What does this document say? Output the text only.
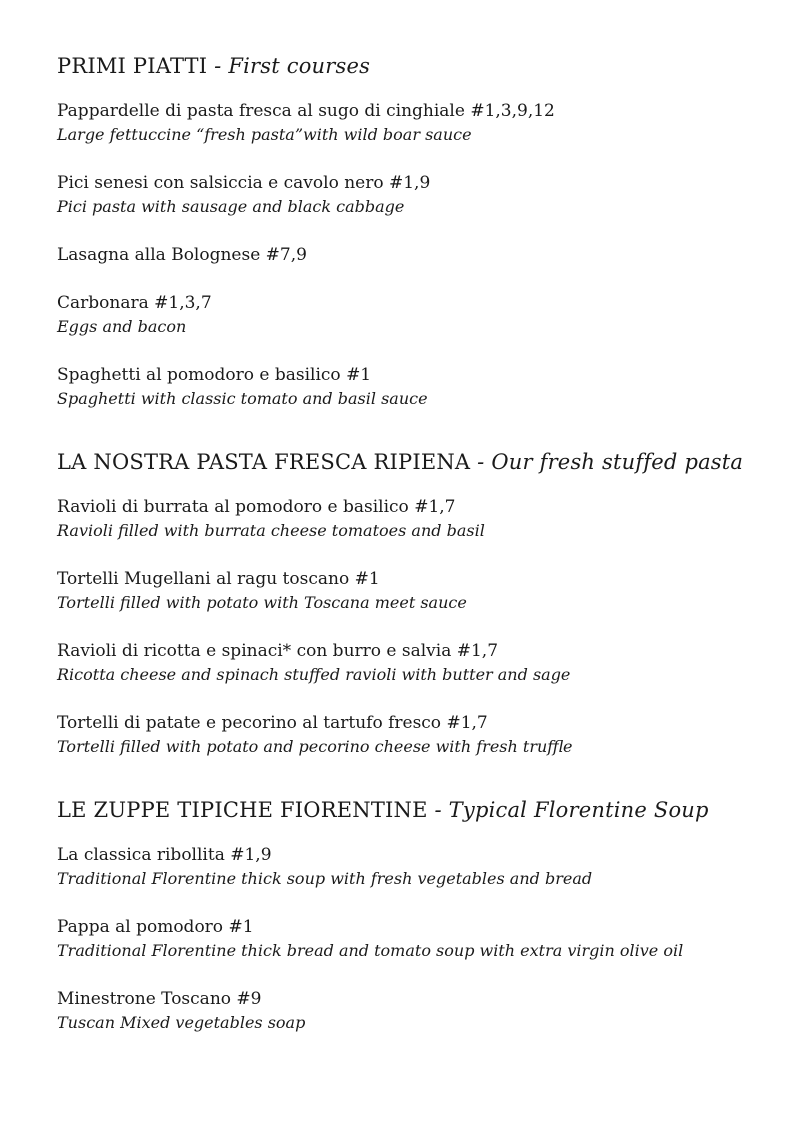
PRIMI PIATTI - First courses
Pappardelle di pasta fresca al sugo di cinghiale #1,3,9,12
Large fettuccine “fresh pasta”with wild boar sauce
Pici senesi con salsiccia e cavolo nero #1,9
Pici pasta with sausage and black cabbage
Lasagna alla Bolognese #7,9
Carbonara #1,3,7
Eggs and bacon
Spaghetti al pomodoro e basilico #1
Spaghetti with classic tomato and basil sauce
LA NOSTRA PASTA FRESCA RIPIENA - Our fresh stuffed pasta
Ravioli di burrata al pomodoro e basilico #1,7
Ravioli filled with burrata cheese tomatoes and basil
Tortelli Mugellani al ragu toscano #1
Tortelli filled with potato with Toscana meet sauce
Ravioli di ricotta e spinaci* con burro e salvia #1,7
Ricotta cheese and spinach stuffed ravioli with butter and sage
Tortelli di patate e pecorino al tartufo fresco #1,7
Tortelli filled with potato and pecorino cheese with fresh truffle
LE ZUPPE TIPICHE FIORENTINE - Typical Florentine Soup
La classica ribollita #1,9
Traditional Florentine thick soup with fresh vegetables and bread
Pappa al pomodoro #1
Traditional Florentine thick bread and tomato soup with extra virgin olive oil
Minestrone Toscano #9
Tuscan Mixed vegetables soap
